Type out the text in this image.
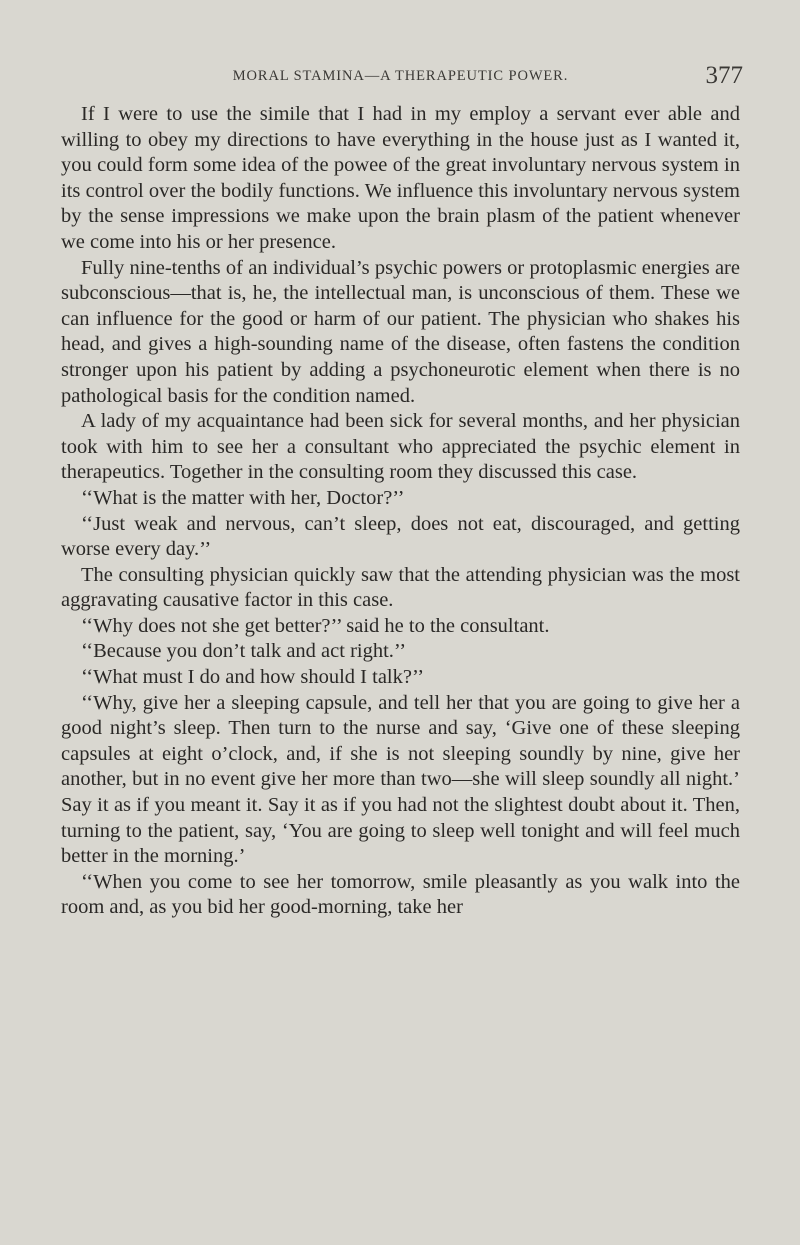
MORAL STAMINA—A THERAPEUTIC POWER.	377

If I were to use the simile that I had in my employ a servant ever able and willing to obey my directions to have everything in the house just as I wanted it, you could form some idea of the powee of the great involuntary nervous system in its control over the bodily functions. We influence this involuntary nervous system by the sense impressions we make upon the brain plasm of the patient whenever we come into his or her presence.

Fully nine-tenths of an individual’s psychic powers or protoplasmic energies are subconscious—that is, he, the intellectual man, is unconscious of them. These we can influence for the good or harm of our patient. The physician who shakes his head, and gives a high-sounding name of the disease, often fastens the condition stronger upon his patient by adding a psychoneurotic element when there is no pathological basis for the condition named.

A lady of my acquaintance had been sick for several months, and her physician took with him to see her a consultant who appreciated the psychic element in therapeutics. Together in the consulting room they discussed this case.

‘‘What is the matter with her, Doctor?’’

‘‘Just weak and nervous, can’t sleep, does not eat, discouraged, and getting worse every day.’’

The consulting physician quickly saw that the attending physician was the most aggravating causative factor in this case.

‘‘Why does not she get better?’’ said he to the consultant.

‘‘Because you don’t talk and act right.’’

‘‘What must I do and how should I talk?’’

‘‘Why, give her a sleeping capsule, and tell her that you are going to give her a good night’s sleep. Then turn to the nurse and say, ‘Give one of these sleeping capsules at eight o’clock, and, if she is not sleeping soundly by nine, give her another, but in no event give her more than two—she will sleep soundly all night.’ Say it as if you meant it. Say it as if you had not the slightest doubt about it. Then, turning to the patient, say, ‘You are going to sleep well tonight and will feel much better in the morning.’

‘‘When you come to see her tomorrow, smile pleasantly as you walk into the room and, as you bid her good-morning, take her
